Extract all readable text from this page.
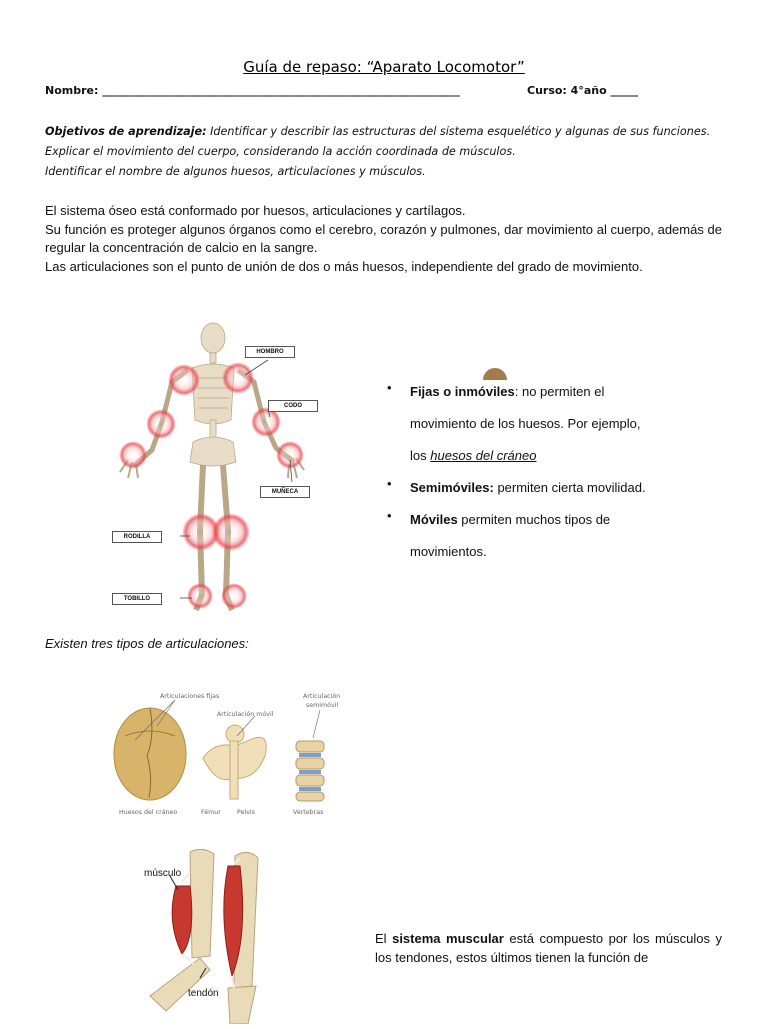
Guía de repaso: “Aparato Locomotor”
Nombre: _________________________________________________________________	Curso: 4°año _____
Objetivos de aprendizaje: Identificar y describir las estructuras del sistema esquelético y algunas de sus funciones.
Explicar el movimiento del cuerpo, considerando la acción coordinada de músculos.
Identificar el nombre de algunos huesos, articulaciones y músculos.

El sistema óseo está conformado por huesos, articulaciones y cartílagos.

Su función es proteger algunos órganos como el cerebro, corazón y pulmones, dar movimiento al cuerpo, además de regular la concentración de calcio en la sangre.

Las articulaciones son el punto de unión de dos o más huesos, independiente del grado de movimiento.

HOMBRO
CODO
MUÑECA
RODILLA
TOBILLO
• Fijas o inmóviles: no permiten el
movimiento de los huesos. Por ejemplo,
los huesos del cráneo
• Semimóviles: permiten cierta movilidad.
• Móviles permiten muchos tipos de
movimientos.
Existen tres tipos de articulaciones:
Articulaciones fijas
Articulación móvil
Articulación
semimóvil
Huesos del cráneo	Fémur	Pelvis	Vértebras
músculo
tendón

El sistema muscular está compuesto por los músculos y los tendones, estos últimos tienen la función de
